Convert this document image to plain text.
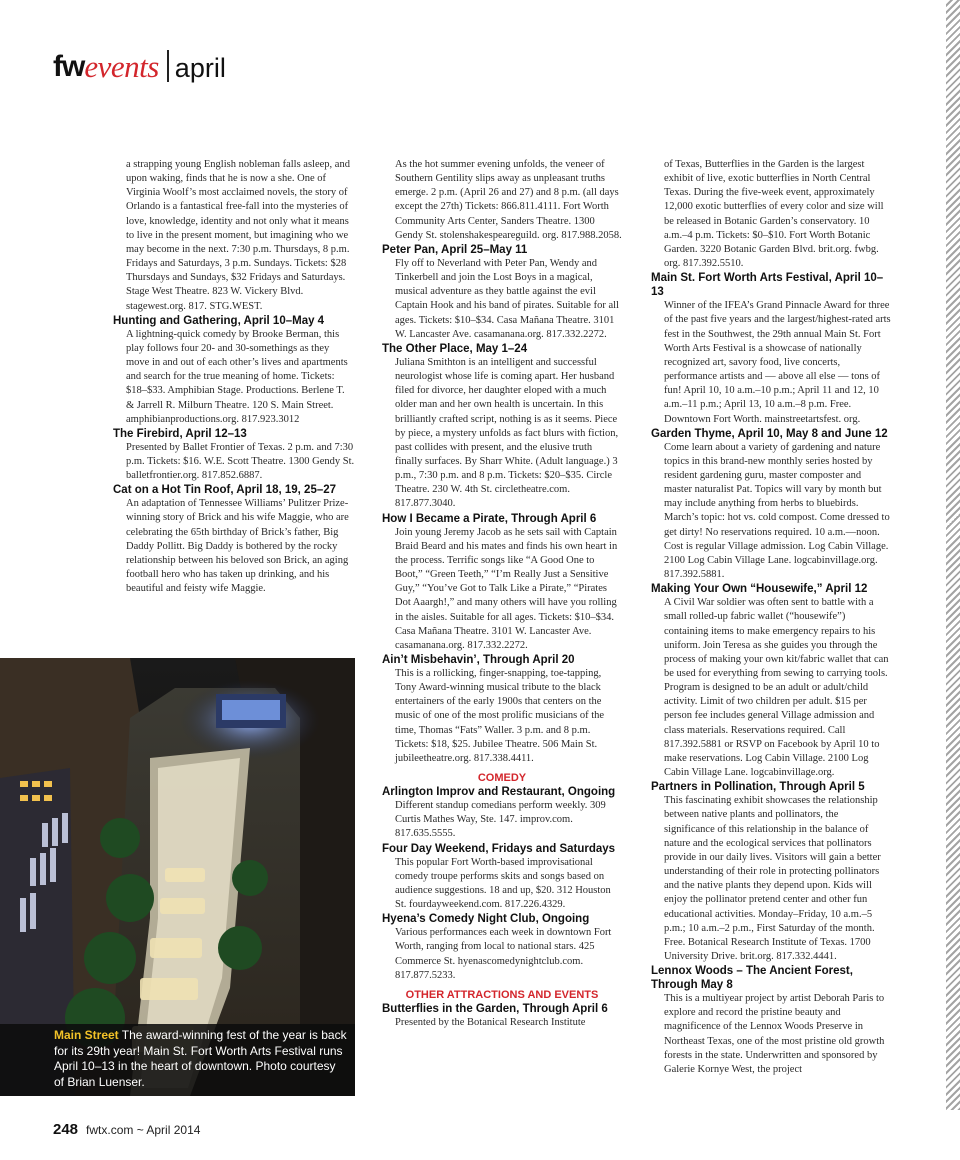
fw events april
a strapping young English nobleman falls asleep, and upon waking, finds that he is now a she. One of Virginia Woolf’s most acclaimed novels, the story of Orlando is a fantastical free-fall into the mysteries of love, knowledge, identity and not only what it means to live in the present moment, but imagining who we may become in the next. 7:30 p.m. Thursdays, 8 p.m. Fridays and Saturdays, 3 p.m. Sundays. Tickets: $28 Thursdays and Sundays, $32 Fridays and Saturdays. Stage West Theatre. 823 W. Vickery Blvd. stagewest.org. 817. STG.WEST.
Hunting and Gathering, April 10–May 4
A lightning-quick comedy by Brooke Berman, this play follows four 20- and 30-somethings as they move in and out of each other’s lives and apartments and search for the true meaning of home. Tickets: $18–$33. Amphibian Stage. Productions. Berlene T. & Jarrell R. Milburn Theatre. 120 S. Main Street. amphibianproductions.org. 817.923.3012
The Firebird, April 12–13
Presented by Ballet Frontier of Texas. 2 p.m. and 7:30 p.m. Tickets: $16. W.E. Scott Theatre. 1300 Gendy St. balletfrontier.org. 817.852.6887.
Cat on a Hot Tin Roof, April 18, 19, 25–27
An adaptation of Tennessee Williams’ Pulitzer Prize-winning story of Brick and his wife Maggie, who are celebrating the 65th birthday of Brick’s father, Big Daddy Pollitt. Big Daddy is bothered by the rocky relationship between his beloved son Brick, an aging football hero who has taken up drinking, and his beautiful and feisty wife Maggie.
As the hot summer evening unfolds, the veneer of Southern Gentility slips away as unpleasant truths emerge. 2 p.m. (April 26 and 27) and 8 p.m. (all days except the 27th) Tickets: 866.811.4111. Fort Worth Community Arts Center, Sanders Theatre. 1300 Gendy St. stolenshakespeareguild. org. 817.988.2058.
Peter Pan, April 25–May 11
Fly off to Neverland with Peter Pan, Wendy and Tinkerbell and join the Lost Boys in a magical, musical adventure as they battle against the evil Captain Hook and his band of pirates. Suitable for all ages. Tickets: $10–$34. Casa Mañana Theatre. 3101 W. Lancaster Ave. casamanana.org. 817.332.2272.
The Other Place, May 1–24
Juliana Smithton is an intelligent and successful neurologist whose life is coming apart. Her husband filed for divorce, her daughter eloped with a much older man and her own health is uncertain. In this brilliantly crafted script, nothing is as it seems. Piece by piece, a mystery unfolds as fact blurs with fiction, past collides with present, and the elusive truth finally surfaces. By Sharr White. (Adult language.) 3 p.m., 7:30 p.m. and 8 p.m. Tickets: $20–$35. Circle Theatre. 230 W. 4th St. circletheatre.com. 817.877.3040.
How I Became a Pirate, Through April 6
Join young Jeremy Jacob as he sets sail with Captain Braid Beard and his mates and finds his own heart in the process. Terrific songs like “A Good One to Boot,” “Green Teeth,” “I’m Really Just a Sensitive Guy,” “You’ve Got to Talk Like a Pirate,” “Pirates Dot Aaargh!,” and many others will have you rolling in the aisles. Suitable for all ages. Tickets: $10–$34. Casa Mañana Theatre. 3101 W. Lancaster Ave. casamanana.org. 817.332.2272.
Ain’t Misbehavin’, Through April 20
This is a rollicking, finger-snapping, toe-tapping, Tony Award-winning musical tribute to the black entertainers of the early 1900s that centers on the music of one of the most prolific musicians of the time, Thomas “Fats” Waller. 3 p.m. and 8 p.m. Tickets: $18, $25. Jubilee Theatre. 506 Main St. jubileetheatre.org. 817.338.4411.
COMEDY
Arlington Improv and Restaurant, Ongoing
Different standup comedians perform weekly. 309 Curtis Mathes Way, Ste. 147. improv.com. 817.635.5555.
Four Day Weekend, Fridays and Saturdays
This popular Fort Worth-based improvisational comedy troupe performs skits and songs based on audience suggestions. 18 and up, $20. 312 Houston St. fourdayweekend.com. 817.226.4329.
Hyena’s Comedy Night Club, Ongoing
Various performances each week in downtown Fort Worth, ranging from local to national stars. 425 Commerce St. hyenascomedynightclub.com. 817.877.5233.
OTHER ATTRACTIONS AND EVENTS
Butterflies in the Garden, Through April 6
Presented by the Botanical Research Institute
of Texas, Butterflies in the Garden is the largest exhibit of live, exotic butterflies in North Central Texas. During the five-week event, approximately 12,000 exotic butterflies of every color and size will be released in Botanic Garden’s conservatory. 10 a.m.–4 p.m. Tickets: $0–$10. Fort Worth Botanic Garden. 3220 Botanic Garden Blvd. brit.org. fwbg. org. 817.392.5510.
Main St. Fort Worth Arts Festival, April 10–13
Winner of the IFEA’s Grand Pinnacle Award for three of the past five years and the largest/highest-rated arts fest in the Southwest, the 29th annual Main St. Fort Worth Arts Festival is a showcase of nationally recognized art, savory food, live concerts, performance artists and — above all else — tons of fun! April 10, 10 a.m.–10 p.m.; April 11 and 12, 10 a.m.–11 p.m.; April 13, 10 a.m.–8 p.m. Free. Downtown Fort Worth. mainstreetartsfest. org.
Garden Thyme, April 10, May 8 and June 12
Come learn about a variety of gardening and nature topics in this brand-new monthly series hosted by resident gardening guru, master composter and master naturalist Pat. Topics will vary by month but may include anything from herbs to bluebirds. March’s topic: hot vs. cold compost. Come dressed to get dirty! No reservations required. 10 a.m.—noon. Cost is regular Village admission. Log Cabin Village. 2100 Log Cabin Village Lane. logcabinvillage.org. 817.392.5881.
Making Your Own “Housewife,” April 12
A Civil War soldier was often sent to battle with a small rolled-up fabric wallet (“housewife”) containing items to make emergency repairs to his uniform. Join Teresa as she guides you through the process of making your own kit/fabric wallet that can be used for everything from sewing to carrying tools. Program is designed to be an adult or adult/child activity. Limit of two children per adult. $15 per person fee includes general Village admission and class materials. Reservations required. Call 817.392.5881 or RSVP on Facebook by April 10 to make reservations. Log Cabin Village. 2100 Log Cabin Village Lane. logcabinvillage.org.
Partners in Pollination, Through April 5
This fascinating exhibit showcases the relationship between native plants and pollinators, the significance of this relationship in the balance of nature and the ecological services that pollinators provide in our daily lives. Visitors will gain a better understanding of their role in protecting pollinators and the native plants they depend upon. Kids will enjoy the pollinator pretend center and other fun educational activities. Monday–Friday, 10 a.m.–5 p.m.; 10 a.m.–2 p.m., First Saturday of the month. Free. Botanical Research Institute of Texas. 1700 University Drive. brit.org. 817.332.4441.
Lennox Woods – The Ancient Forest, Through May 8
This is a multiyear project by artist Deborah Paris to explore and record the pristine beauty and magnificence of the Lennox Woods Preserve in Northeast Texas, one of the most pristine old growth forests in the state. Underwritten and sponsored by Galerie Kornye West, the project
Main Street The award-winning fest of the year is back for its 29th year! Main St. Fort Worth Arts Festival runs April 10–13 in the heart of downtown. Photo courtesy of Brian Luenser.
248 fwtx.com ~ April 2014
